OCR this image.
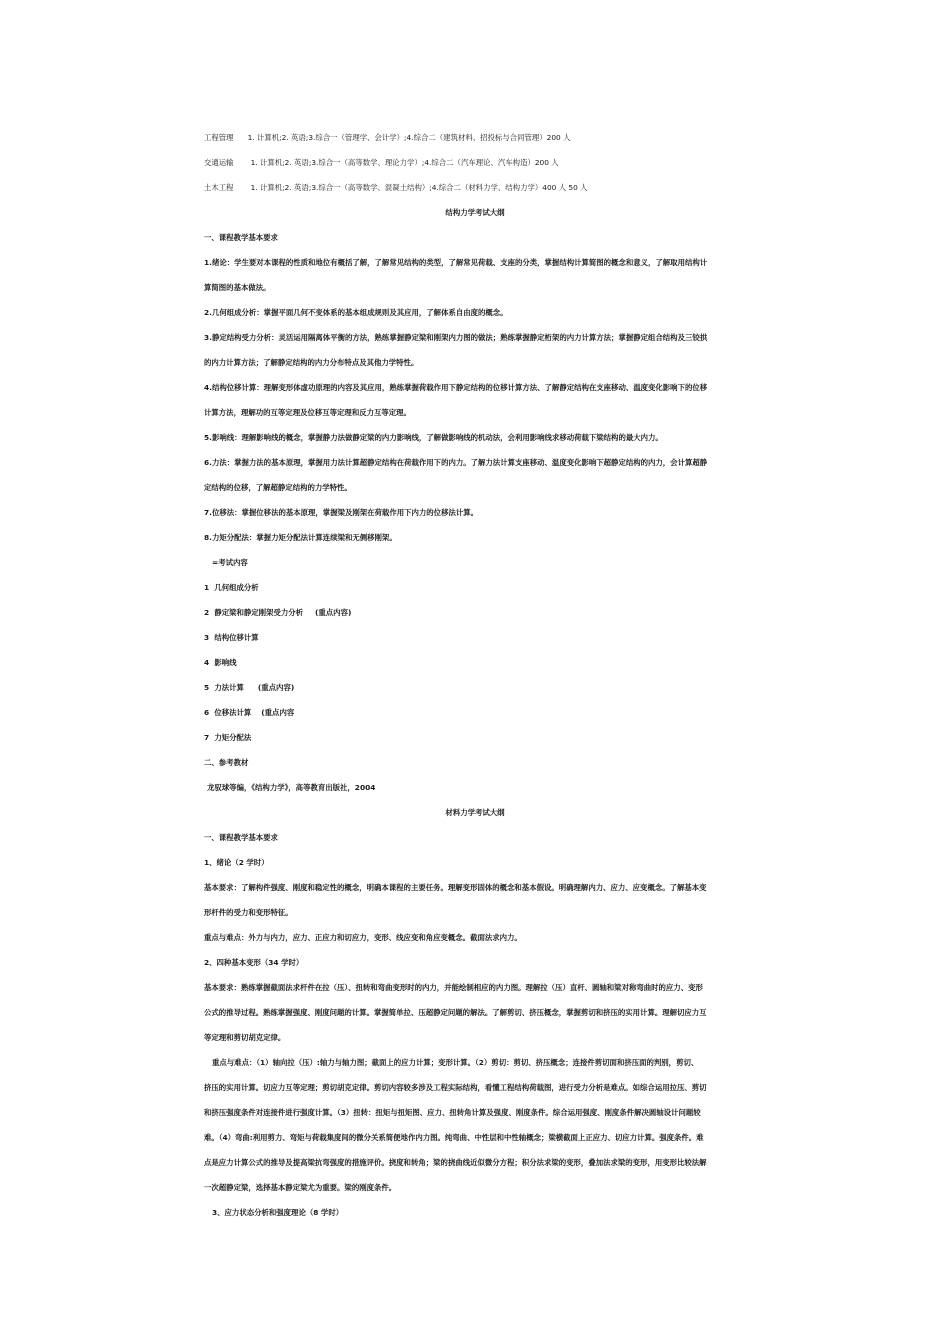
工程管理 1. 计算机;2. 英语;3.综合一（管理学、会计学）;4.综合二（建筑材料、招投标与合同管理）200 人
交通运输 1. 计算机;2. 英语;3.综合一（高等数学、理论力学）;4.综合二（汽车理论、汽车构造）200 人
土木工程 1. 计算机;2. 英语;3.综合一（高等数学、混凝土结构）;4.综合二（材料力学、结构力学）400 人 50 人
结构力学考试大纲
一、课程教学基本要求
1.绪论：学生要对本课程的性质和地位有概括了解，了解常见结构的类型，了解常见荷载、支座的分类，掌握结构计算简图的概念和意义，了解取用结构计
算简图的基本做法。
2.几何组成分析：掌握平面几何不变体系的基本组成规则及其应用，了解体系自由度的概念。
3.静定结构受力分析：灵活运用隔离体平衡的方法，熟练掌握静定梁和刚架内力图的做法；熟练掌握静定桁架的内力计算方法；掌握静定组合结构及三铰拱
的内力计算方法；了解静定结构的内力分布特点及其他力学特性。
4.结构位移计算：理解变形体虚功原理的内容及其应用，熟练掌握荷载作用下静定结构的位移计算方法、了解静定结构在支座移动、温度变化影响下的位移
计算方法，理解功的互等定理及位移互等定理和反力互等定理。
5.影响线：理解影响线的概念，掌握静力法做静定梁的内力影响线，了解做影响线的机动法，会利用影响线求移动荷载下梁结构的最大内力。
6.力法：掌握力法的基本原理，掌握用力法计算超静定结构在荷载作用下的内力。了解力法计算支座移动、温度变化影响下超静定结构的内力，会计算超静
定结构的位移，了解超静定结构的力学特性。
7.位移法：掌握位移法的基本原理，掌握梁及刚架在荷载作用下内力的位移法计算。
8.力矩分配法：掌握力矩分配法计算连续梁和无侧移刚架。
=考试内容
1 几何组成分析
2 静定梁和静定刚架受力分析 (重点内容)
3 结构位移计算
4 影响线
5 力法计算 (重点内容)
6 位移法计算 (重点内容
7 力矩分配法
二、参考教材
龙驭球等编，《结构力学》，高等教育出版社，2004
材料力学考试大纲
一、课程教学基本要求
1、绪论（2 学时）
基本要求：了解构件强度、刚度和稳定性的概念，明确本课程的主要任务。理解变形固体的概念和基本假设。明确理解内力、应力、应变概念。了解基本变
形杆件的受力和变形特征。
重点与难点：外力与内力，应力、正应力和切应力，变形、线应变和角应变概念。截面法求内力。
2、四种基本变形（34 学时）
基本要求：熟练掌握截面法求杆件在拉（压）、扭转和弯曲变形时的内力，并能绘制相应的内力图。理解拉（压）直杆、圆轴和梁对称弯曲时的应力、变形
公式的推导过程。熟练掌握强度、刚度问题的计算。掌握简单拉、压超静定问题的解法。了解剪切、挤压概念，掌握剪切和挤压的实用计算。理解切应力互
等定理和剪切胡克定律。
重点与难点：（1）轴向拉（压）:轴力与轴力图；截面上的应力计算；变形计算。（2）剪切：剪切、挤压概念；连接件剪切面和挤压面的判别，剪切、
挤压的实用计算。切应力互等定理；剪切胡克定律。剪切内容较多涉及工程实际结构，看懂工程结构荷载图，进行受力分析是难点。如综合运用拉压、剪切
和挤压强度条件对连接件进行强度计算。（3）扭转：扭矩与扭矩图、应力、扭转角计算及强度、刚度条件。综合运用强度、刚度条件解决圆轴设计问题较
难。（4）弯曲:利用剪力、弯矩与荷载集度间的微分关系简便地作内力图。纯弯曲、中性层和中性轴概念；梁横截面上正应力、切应力计算。强度条件。难
点是应力计算公式的推导及提高梁抗弯强度的措施评价。挠度和转角；梁的挠曲线近似微分方程；积分法求梁的变形，叠加法求梁的变形，用变形比较法解
一次超静定梁，选择基本静定梁尤为重要。梁的刚度条件。
3、应力状态分析和强度理论（8 学时）
